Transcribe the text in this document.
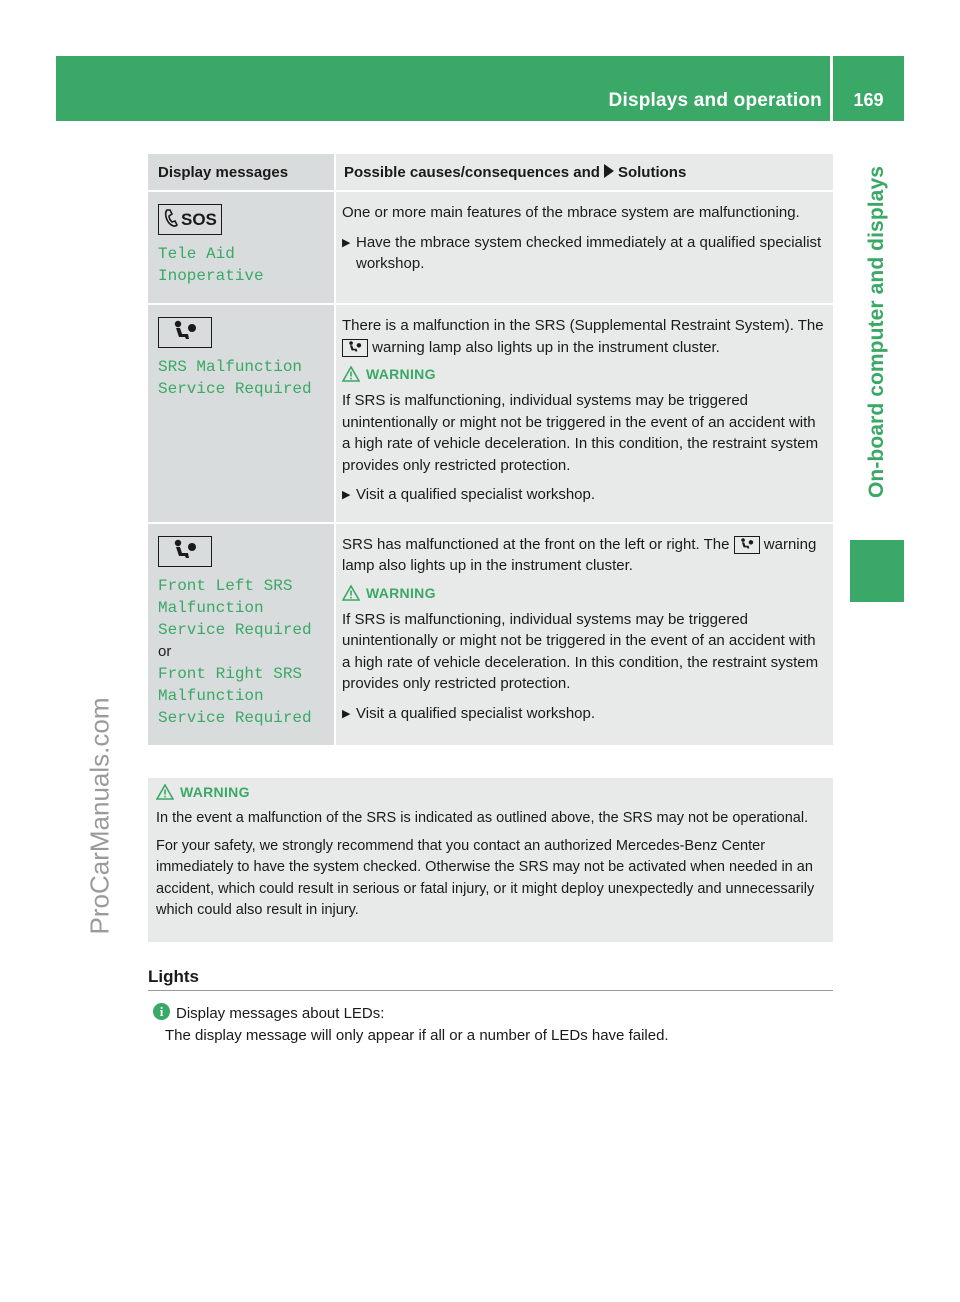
Displays and operation	169
On-board computer and displays
ProCarManuals.com
Display messages	Possible causes/consequences and Solutions
SOS
Tele Aid
Inoperative

One or more main features of the mbrace system are malfunctioning.

▶ Have the mbrace system checked immediately at a qualified specialist workshop.

SRS Malfunction
Service Required

There is a malfunction in the SRS (Supplemental Restraint System). The  warning lamp also lights up in the instrument cluster.

WARNING

If SRS is malfunctioning, individual systems may be triggered unintentionally or might not be triggered in the event of an accident with a high rate of vehicle deceleration. In this condition, the restraint system provides only restricted protection.

▶ Visit a qualified specialist workshop.

Front Left SRS
Malfunction
Service Required
or
Front Right SRS
Malfunction
Service Required

SRS has malfunctioned at the front on the left or right. The warning lamp also lights up in the instrument cluster.

WARNING

If SRS is malfunctioning, individual systems may be triggered unintentionally or might not be triggered in the event of an accident with a high rate of vehicle deceleration. In this condition, the restraint system provides only restricted protection.

▶ Visit a qualified specialist workshop.

WARNING

In the event a malfunction of the SRS is indicated as outlined above, the SRS may not be operational.

For your safety, we strongly recommend that you contact an authorized Mercedes-Benz Center immediately to have the system checked. Otherwise the SRS may not be activated when needed in an accident, which could result in serious or fatal injury, or it might deploy unexpectedly and unnecessarily which could also result in injury.

Lights
i Display messages about LEDs:
The display message will only appear if all or a number of LEDs have failed.
